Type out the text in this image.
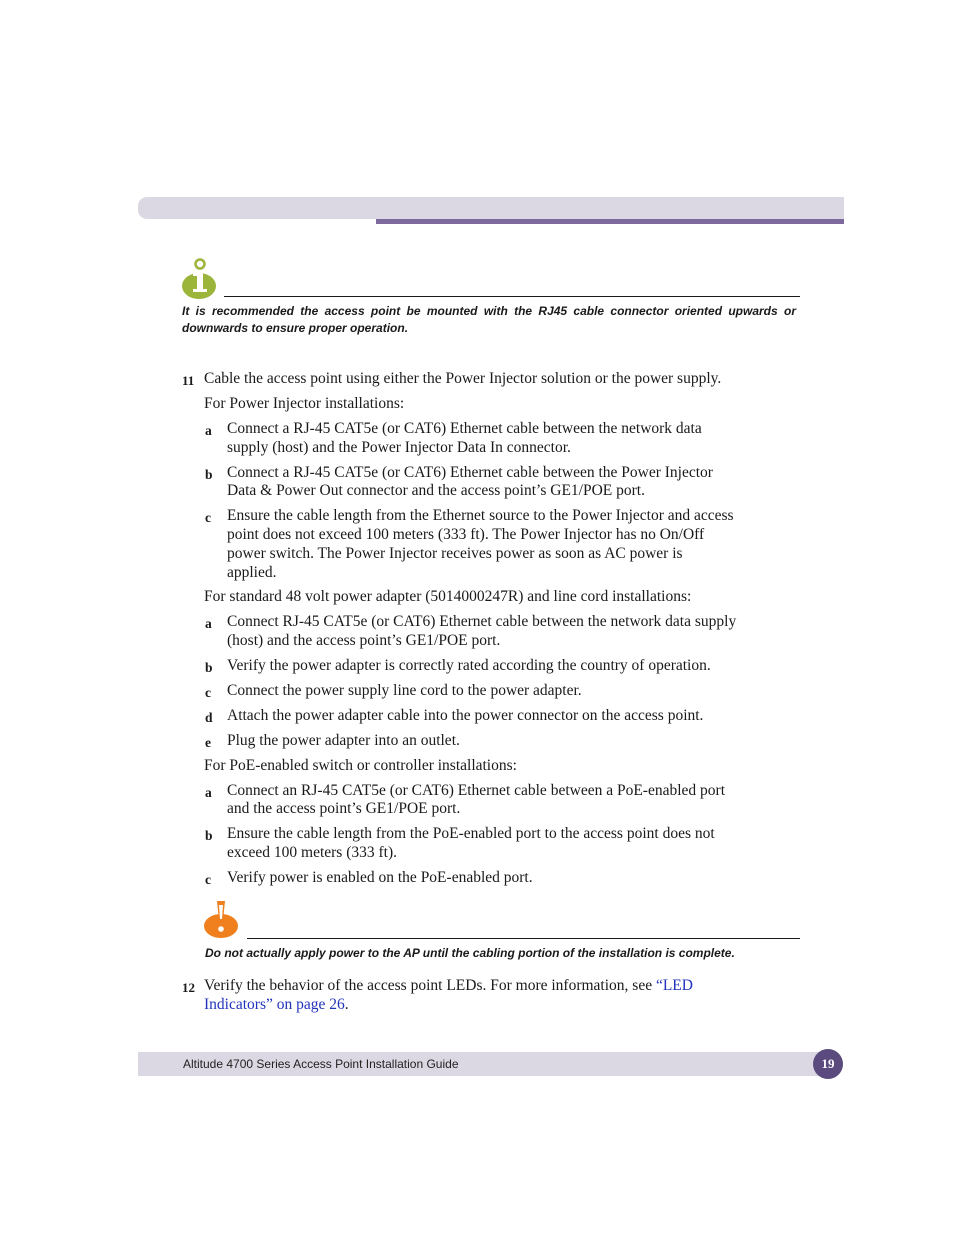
It is recommended the access point be mounted with the RJ45 cable connector oriented upwards or downwards to ensure proper operation.
11 Cable the access point using either the Power Injector solution or the power supply.
For Power Injector installations:
a Connect a RJ-45 CAT5e (or CAT6) Ethernet cable between the network data
supply (host) and the Power Injector Data In connector.
b Connect a RJ-45 CAT5e (or CAT6) Ethernet cable between the Power Injector
Data & Power Out connector and the access point’s GE1/POE port.
c Ensure the cable length from the Ethernet source to the Power Injector and access
point does not exceed 100 meters (333 ft). The Power Injector has no On/Off
power switch. The Power Injector receives power as soon as AC power is
applied.
For standard 48 volt power adapter (5014000247R) and line cord installations:
a Connect RJ-45 CAT5e (or CAT6) Ethernet cable between the network data supply
(host) and the access point’s GE1/POE port.
b Verify the power adapter is correctly rated according the country of operation.
c Connect the power supply line cord to the power adapter.
d Attach the power adapter cable into the power connector on the access point.
e Plug the power adapter into an outlet.
For PoE-enabled switch or controller installations:
a Connect an RJ-45 CAT5e (or CAT6) Ethernet cable between a PoE-enabled port
and the access point’s GE1/POE port.
b Ensure the cable length from the PoE-enabled port to the access point does not
exceed 100 meters (333 ft).
c Verify power is enabled on the PoE-enabled port.
12 Verify the behavior of the access point LEDs. For more information, see “LED
Indicators” on page 26.
Do not actually apply power to the AP until the cabling portion of the installation is complete.
Altitude 4700 Series Access Point Installation Guide	19
